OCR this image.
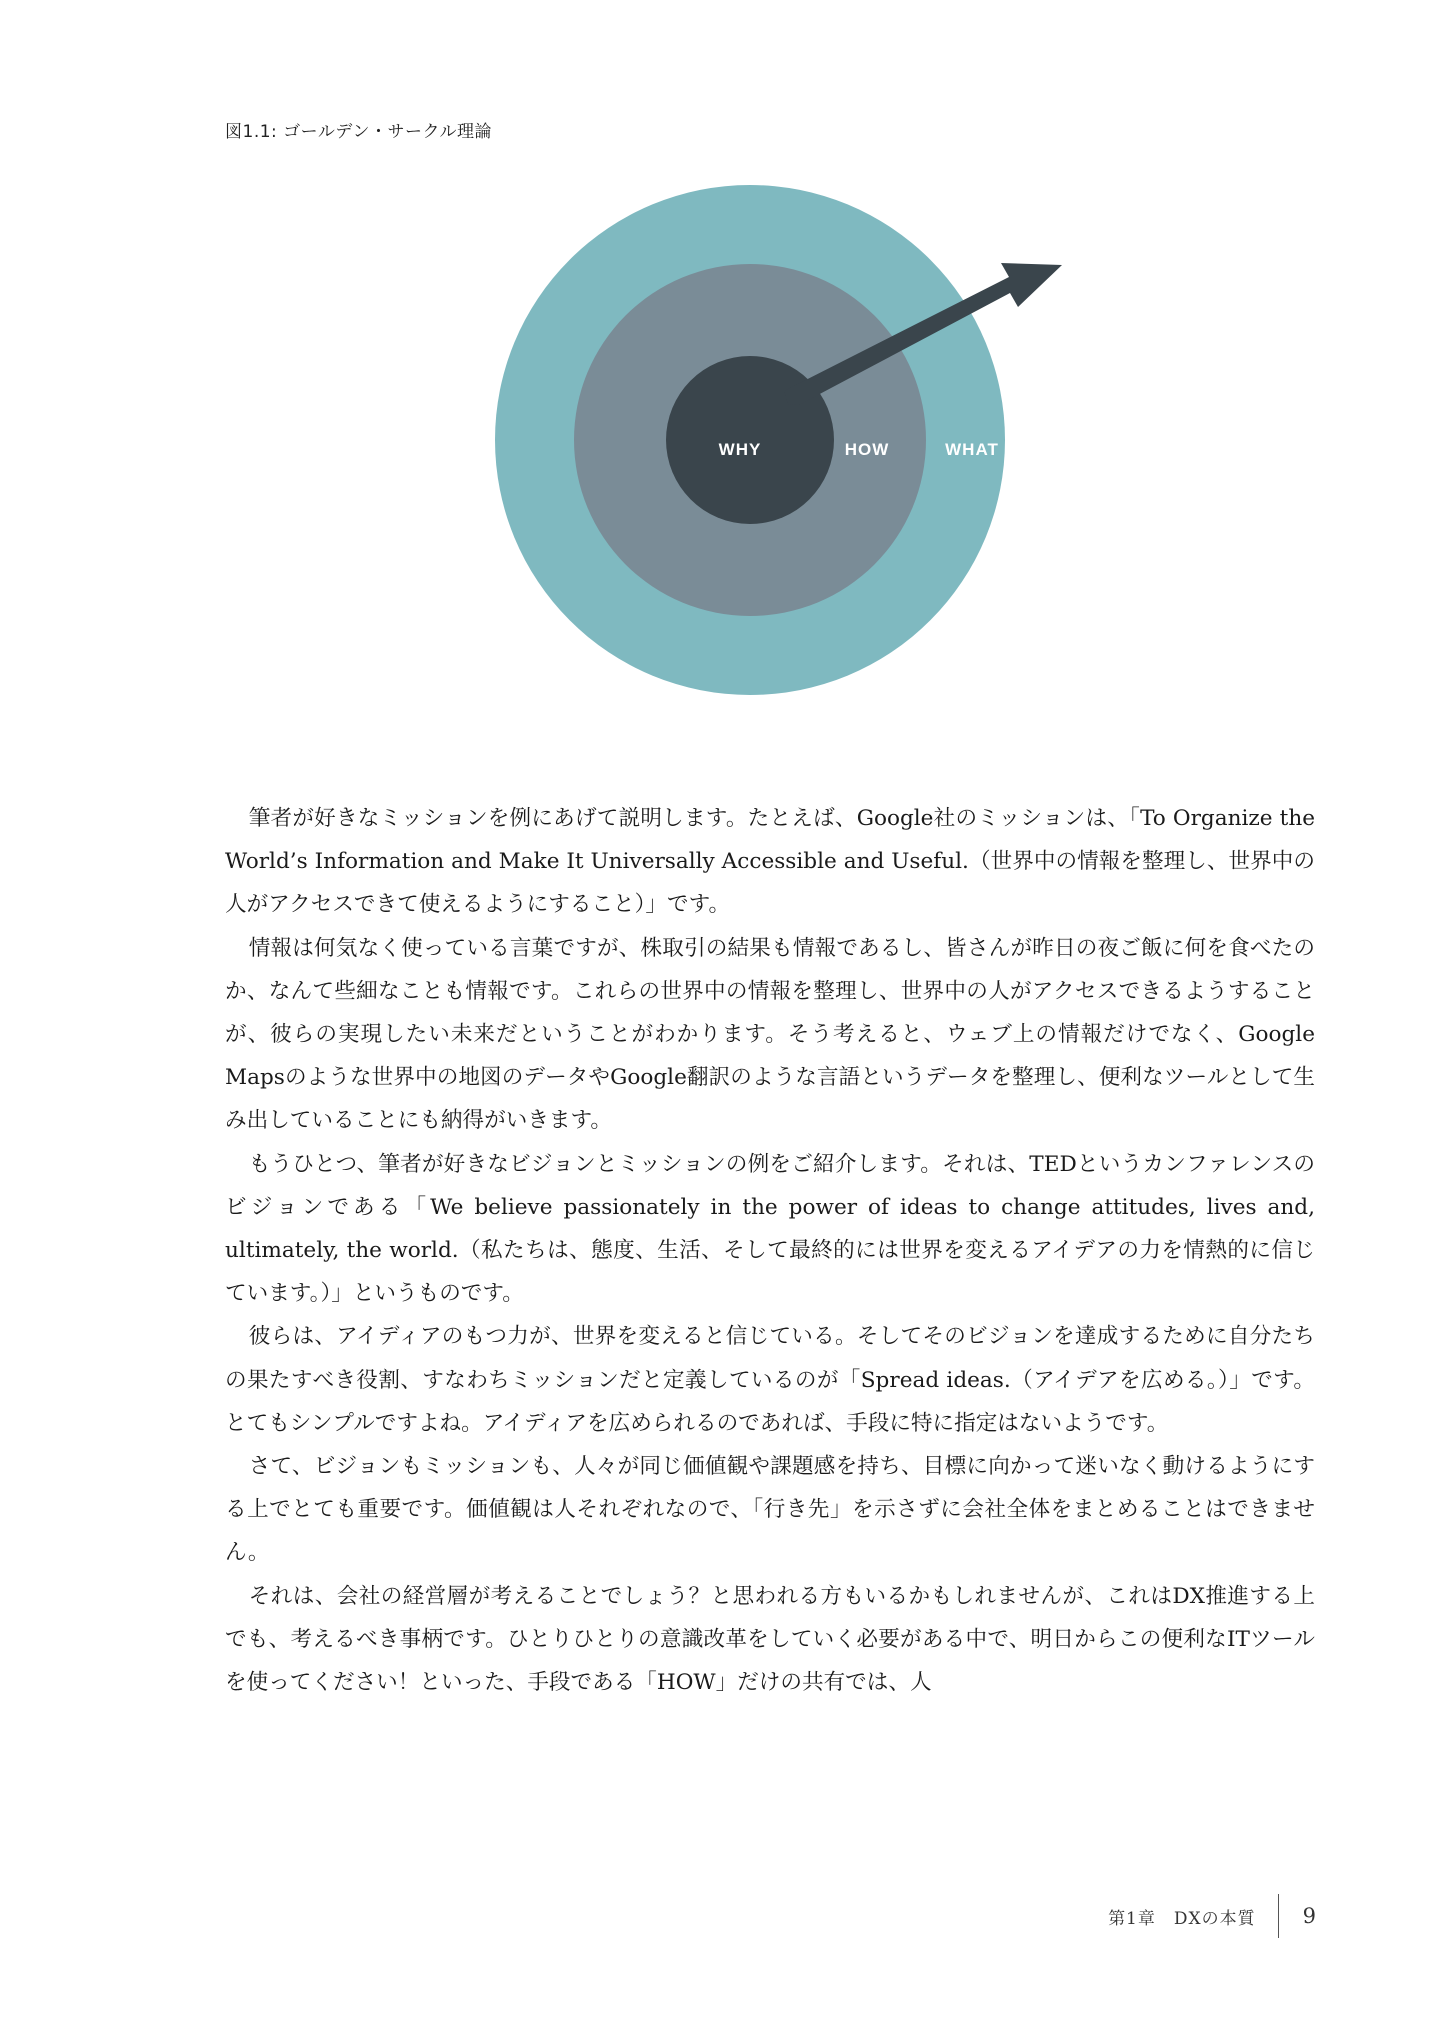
図1.1: ゴールデン・サークル理論
WHY	HOW	WHAT

筆者が好きなミッションを例にあげて説明します。たとえば、Google社のミッションは、「To Organize the World’s Information and Make It Universally Accessible and Useful.（世界中の情報を整理し、世界中の人がアクセスできて使えるようにすること）」です。

情報は何気なく使っている言葉ですが、株取引の結果も情報であるし、皆さんが昨日の夜ご飯に何を食べたのか、なんて些細なことも情報です。これらの世界中の情報を整理し、世界中の人がアクセスできるようすることが、彼らの実現したい未来だということがわかります。そう考えると、ウェブ上の情報だけでなく、Google Mapsのような世界中の地図のデータやGoogle翻訳のような言語というデータを整理し、便利なツールとして生み出していることにも納得がいきます。

もうひとつ、筆者が好きなビジョンとミッションの例をご紹介します。それは、TEDというカンファレンスのビジョンである「We believe passionately in the power of ideas to change attitudes, lives and, ultimately, the world.（私たちは、態度、生活、そして最終的には世界を変えるアイデアの力を情熱的に信じています。）」というものです。

彼らは、アイディアのもつ力が、世界を変えると信じている。そしてそのビジョンを達成するために自分たちの果たすべき役割、すなわちミッションだと定義しているのが「Spread ideas.（アイデアを広める。）」です。とてもシンプルですよね。アイディアを広められるのであれば、手段に特に指定はないようです。

さて、ビジョンもミッションも、人々が同じ価値観や課題感を持ち、目標に向かって迷いなく動けるようにする上でとても重要です。価値観は人それぞれなので、「行き先」を示さずに会社全体をまとめることはできません。

それは、会社の経営層が考えることでしょう？と思われる方もいるかもしれませんが、これはDX推進する上でも、考えるべき事柄です。ひとりひとりの意識改革をしていく必要がある中で、明日からこの便利なITツールを使ってください！といった、手段である「HOW」だけの共有では、人

第1章　DXの本質 9
